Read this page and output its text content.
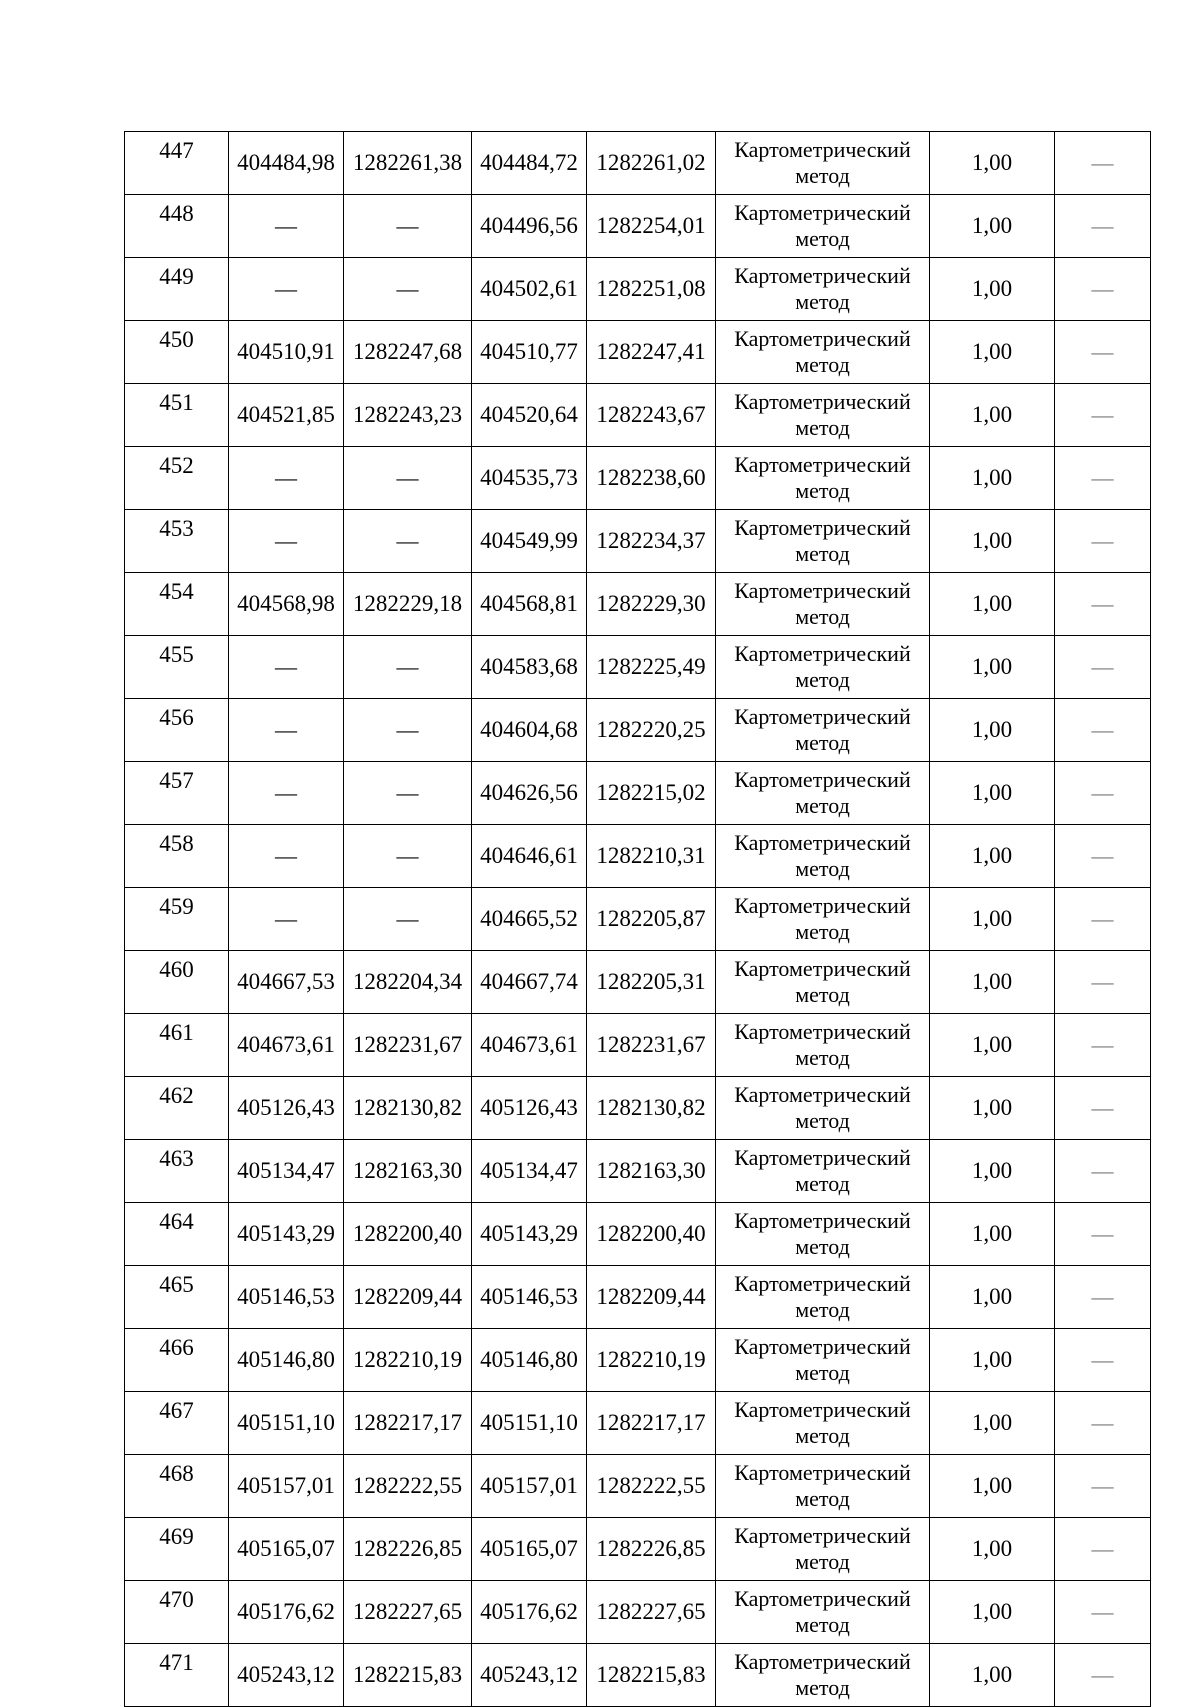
447	404484,98	1282261,38	404484,72	1282261,02	Картометрический
метод	1,00	—
448	—	—	404496,56	1282254,01	Картометрический
метод	1,00	—
449	—	—	404502,61	1282251,08	Картометрический
метод	1,00	—
450	404510,91	1282247,68	404510,77	1282247,41	Картометрический
метод	1,00	—
451	404521,85	1282243,23	404520,64	1282243,67	Картометрический
метод	1,00	—
452	—	—	404535,73	1282238,60	Картометрический
метод	1,00	—
453	—	—	404549,99	1282234,37	Картометрический
метод	1,00	—
454	404568,98	1282229,18	404568,81	1282229,30	Картометрический
метод	1,00	—
455	—	—	404583,68	1282225,49	Картометрический
метод	1,00	—
456	—	—	404604,68	1282220,25	Картометрический
метод	1,00	—
457	—	—	404626,56	1282215,02	Картометрический
метод	1,00	—
458	—	—	404646,61	1282210,31	Картометрический
метод	1,00	—
459	—	—	404665,52	1282205,87	Картометрический
метод	1,00	—
460	404667,53	1282204,34	404667,74	1282205,31	Картометрический
метод	1,00	—
461	404673,61	1282231,67	404673,61	1282231,67	Картометрический
метод	1,00	—
462	405126,43	1282130,82	405126,43	1282130,82	Картометрический
метод	1,00	—
463	405134,47	1282163,30	405134,47	1282163,30	Картометрический
метод	1,00	—
464	405143,29	1282200,40	405143,29	1282200,40	Картометрический
метод	1,00	—
465	405146,53	1282209,44	405146,53	1282209,44	Картометрический
метод	1,00	—
466	405146,80	1282210,19	405146,80	1282210,19	Картометрический
метод	1,00	—
467	405151,10	1282217,17	405151,10	1282217,17	Картометрический
метод	1,00	—
468	405157,01	1282222,55	405157,01	1282222,55	Картометрический
метод	1,00	—
469	405165,07	1282226,85	405165,07	1282226,85	Картометрический
метод	1,00	—
470	405176,62	1282227,65	405176,62	1282227,65	Картометрический
метод	1,00	—
471	405243,12	1282215,83	405243,12	1282215,83	Картометрический
метод	1,00	—
